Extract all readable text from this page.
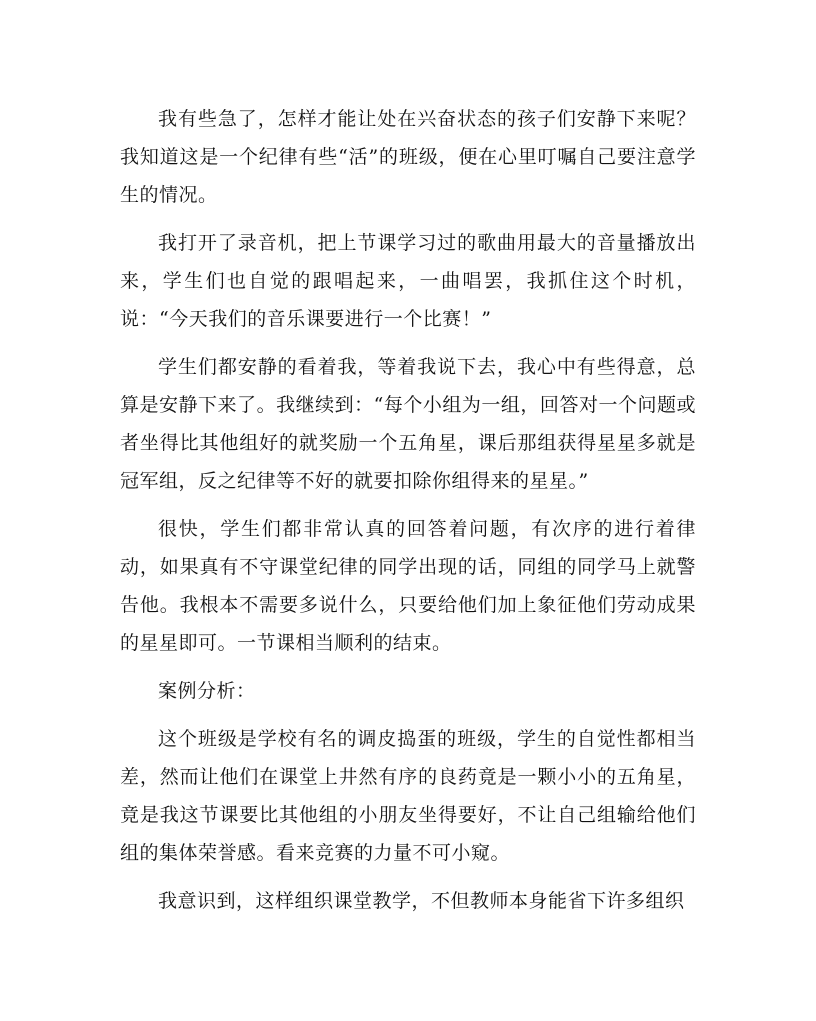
我有些急了，怎样才能让处在兴奋状态的孩子们安静下来呢？我知道这是一个纪律有些“活”的班级，便在心里叮嘱自己要注意学生的情况。

我打开了录音机，把上节课学习过的歌曲用最大的音量播放出来，学生们也自觉的跟唱起来，一曲唱罢，我抓住这个时机，说：“今天我们的音乐课要进行一个比赛！”

学生们都安静的看着我，等着我说下去，我心中有些得意，总算是安静下来了。我继续到：“每个小组为一组，回答对一个问题或者坐得比其他组好的就奖励一个五角星，课后那组获得星星多就是冠军组，反之纪律等不好的就要扣除你组得来的星星。”

很快，学生们都非常认真的回答着问题，有次序的进行着律动，如果真有不守课堂纪律的同学出现的话，同组的同学马上就警告他。我根本不需要多说什么，只要给他们加上象征他们劳动成果的星星即可。一节课相当顺利的结束。

案例分析：

这个班级是学校有名的调皮捣蛋的班级，学生的自觉性都相当差，然而让他们在课堂上井然有序的良药竟是一颗小小的五角星，竟是我这节课要比其他组的小朋友坐得要好，不让自己组输给他们组的集体荣誉感。看来竞赛的力量不可小窥。

我意识到，这样组织课堂教学，不但教师本身能省下许多组织
